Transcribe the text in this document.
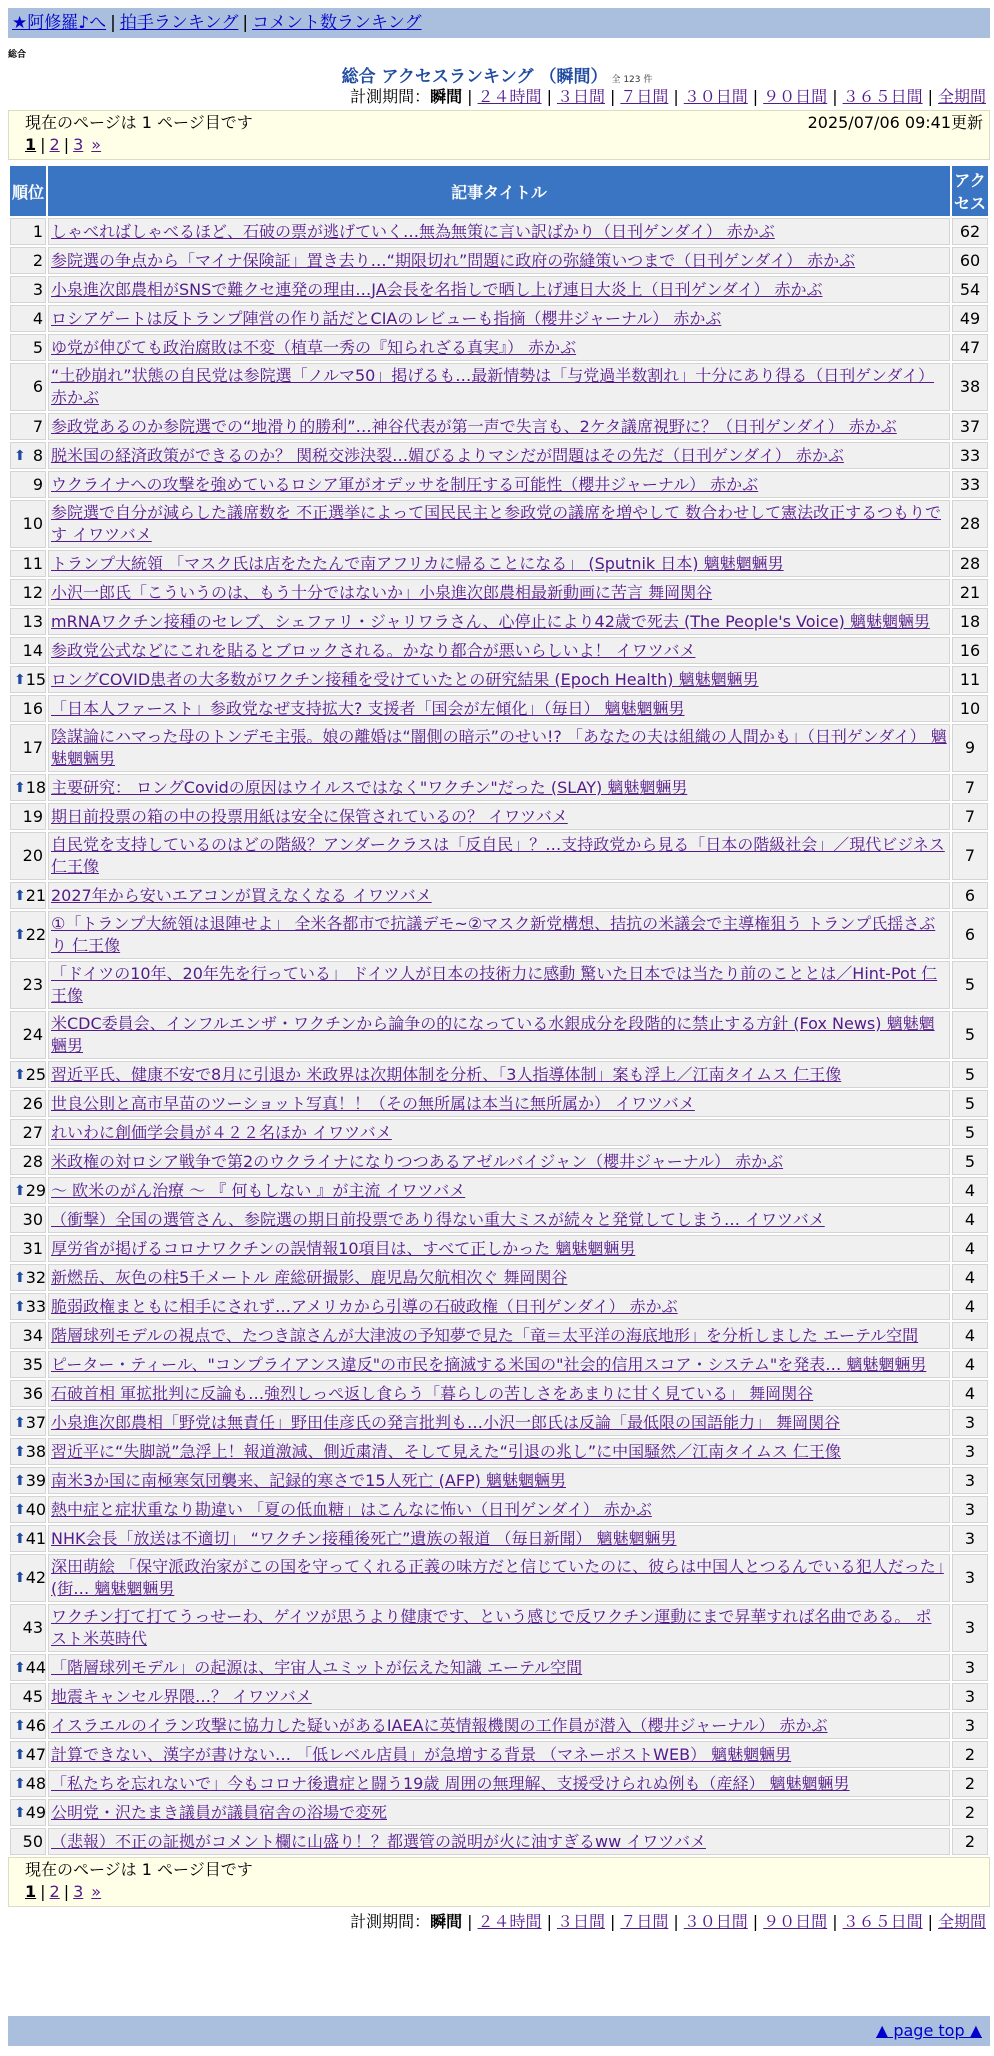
★阿修羅♪へ | 拍手ランキング | コメント数ランキング
総合
総合 アクセスランキング （瞬間） 全 123 件
計測期間：瞬間 | ２４時間 | ３日間 | ７日間 | ３０日間 | ９０日間 | ３６５日間 | 全期間
現在のページは 1 ページ目です	2025/07/06 09:41更新
1 | 2 | 3 »
順位	記事タイトル	アクセス
1	しゃべればしゃべるほど、石破の票が逃げていく…無為無策に言い訳ばかり（日刊ゲンダイ） 赤かぶ	62
2	参院選の争点から「マイナ保険証」置き去り…“期限切れ”問題に政府の弥縫策いつまで（日刊ゲンダイ） 赤かぶ	60
3	小泉進次郎農相がSNSで難クセ連発の理由…JA会長を名指しで晒し上げ連日大炎上（日刊ゲンダイ） 赤かぶ	54
4	ロシアゲートは反トランプ陣営の作り話だとCIAのレビューも指摘（櫻井ジャーナル） 赤かぶ	49
5	ゆ党が伸びても政治腐敗は不変（植草一秀の『知られざる真実』） 赤かぶ	47
6	“土砂崩れ”状態の自民党は参院選「ノルマ50」掲げるも…最新情勢は「与党過半数割れ」十分にあり得る（日刊ゲンダイ） 赤かぶ	38
7	参政党あるのか参院選での“地滑り的勝利”…神谷代表が第一声で失言も、2ケタ議席視野に？（日刊ゲンダイ） 赤かぶ	37

⬆ 8	脱米国の経済政策ができるのか？ 関税交渉決裂…媚びるよりマシだが問題はその先だ（日刊ゲンダイ） 赤かぶ	33
9	ウクライナへの攻撃を強めているロシア軍がオデッサを制圧する可能性（櫻井ジャーナル） 赤かぶ	33
10	参院選で自分が減らした議席数を 不正選挙によって国民民主と参政党の議席を増やして 数合わせして憲法改正するつもりです イワツバメ	28
11	トランプ大統領 「マスク氏は店をたたんで南アフリカに帰ることになる」 (Sputnik 日本) 魑魅魍魎男	28
12	小沢一郎氏「こういうのは、もう十分ではないか」小泉進次郎農相最新動画に苦言 舞岡関谷	21
13	mRNAワクチン接種のセレブ、シェファリ・ジャリワラさん、心停止により42歳で死去 (The People's Voice) 魑魅魍魎男	18
14	参政党公式などにこれを貼るとブロックされる。かなり都合が悪いらしいよ！ イワツバメ	16

⬆ 15	ロングCOVID患者の大多数がワクチン接種を受けていたとの研究結果 (Epoch Health) 魑魅魍魎男	11
16	「日本人ファースト」参政党なぜ支持拡大? 支援者「国会が左傾化」（毎日） 魑魅魍魎男	10
17	陰謀論にハマった母のトンデモ主張。娘の離婚は“闇側の暗示”のせい!? 「あなたの夫は組織の人間かも」（日刊ゲンダイ） 魑魅魍魎男	9

⬆ 18	主要研究： ロングCovidの原因はウイルスではなく"ワクチン"だった (SLAY) 魑魅魍魎男	7
19	期日前投票の箱の中の投票用紙は安全に保管されているの？ イワツバメ	7
20	自民党を支持しているのはどの階級？アンダークラスは「反自民」？…支持政党から見る「日本の階級社会」／現代ビジネス 仁王像	7

⬆ 21	2027年から安いエアコンが買えなくなる イワツバメ	6

⬆ 22	①「トランプ大統領は退陣せよ」 全米各都市で抗議デモ~②マスク新党構想、拮抗の米議会で主導権狙う トランプ氏揺さぶり 仁王像	6
23	「ドイツの10年、20年先を行っている」 ドイツ人が日本の技術力に感動 驚いた日本では当たり前のこととは／Hint-Pot 仁王像	5
24	米CDC委員会、インフルエンザ・ワクチンから論争の的になっている水銀成分を段階的に禁止する方針 (Fox News) 魑魅魍魎男	5

⬆ 25	習近平氏、健康不安で8月に引退か 米政界は次期体制を分析、「3人指導体制」案も浮上／江南タイムス 仁王像	5
26	世良公則と高市早苗のツーショット写真！！（その無所属は本当に無所属か） イワツバメ	5
27	れいわに創価学会員が４２２名ほか イワツバメ	5
28	米政権の対ロシア戦争で第2のウクライナになりつつあるアゼルバイジャン（櫻井ジャーナル） 赤かぶ	5

⬆ 29	〜 欧米のがん治療 〜 『 何もしない 』が主流 イワツバメ	4
30	（衝撃）全国の選管さん、参院選の期日前投票であり得ない重大ミスが続々と発覚してしまう… イワツバメ	4
31	厚労省が掲げるコロナワクチンの誤情報10項目は、すべて正しかった 魑魅魍魎男	4

⬆ 32	新燃岳、灰色の柱5千メートル 産総研撮影、鹿児島欠航相次ぐ 舞岡関谷	4

⬆ 33	脆弱政権まともに相手にされず…アメリカから引導の石破政権（日刊ゲンダイ） 赤かぶ	4
34	階層球列モデルの視点で、たつき諒さんが大津波の予知夢で見た「竜＝太平洋の海底地形」を分析しました エーテル空間	4
35	ピーター・ティール、"コンプライアンス違反"の市民を摘滅する米国の"社会的信用スコア・システム"を発表… 魑魅魍魎男	4
36	石破首相 軍拡批判に反論も…強烈しっぺ返し食らう「暮らしの苦しさをあまりに甘く見ている」 舞岡関谷	4

⬆ 37	小泉進次郎農相「野党は無責任」野田佳彦氏の発言批判も…小沢一郎氏は反論「最低限の国語能力」 舞岡関谷	3

⬆ 38	習近平に“失脚説”急浮上！報道激減、側近粛清、そして見えた“引退の兆し”に中国騒然／江南タイムス 仁王像	3

⬆ 39	南米3か国に南極寒気団襲来、記録的寒さで15人死亡 (AFP) 魑魅魍魎男	3

⬆ 40	熱中症と症状重なり勘違い 「夏の低血糖」はこんなに怖い（日刊ゲンダイ） 赤かぶ	3

⬆ 41	NHK会長「放送は不適切」 “ワクチン接種後死亡”遺族の報道 （毎日新聞） 魑魅魍魎男	3

⬆ 42	深田萌絵 「保守派政治家がこの国を守ってくれる正義の味方だと信じていたのに、彼らは中国人とつるんでいる犯人だった」(街… 魑魅魍魎男	3
43	ワクチン打て打てうっせーわ、ゲイツが思うより健康です、という感じで反ワクチン運動にまで昇華すれば名曲である。 ポスト米英時代	3

⬆ 44	「階層球列モデル」の起源は、宇宙人ユミットが伝えた知識 エーテル空間	3
45	地震キャンセル界隈…？ イワツバメ	3

⬆ 46	イスラエルのイラン攻撃に協力した疑いがあるIAEAに英情報機関の工作員が潜入（櫻井ジャーナル） 赤かぶ	3

⬆ 47	計算できない、漢字が書けない… 「低レベル店員」が急増する背景 （マネーポストWEB） 魑魅魍魎男	2

⬆ 48	「私たちを忘れないで」今もコロナ後遺症と闘う19歳 周囲の無理解、支援受けられぬ例も（産経） 魑魅魍魎男	2

⬆ 49	公明党・沢たまき議員が議員宿舎の浴場で変死	2
50	（悲報）不正の証拠がコメント欄に山盛り！？都選管の説明が火に油すぎるww イワツバメ	2
現在のページは 1 ページ目です
1 | 2 | 3 »
計測期間：瞬間 | ２４時間 | ３日間 | ７日間 | ３０日間 | ９０日間 | ３６５日間 | 全期間
▲ page top ▲
